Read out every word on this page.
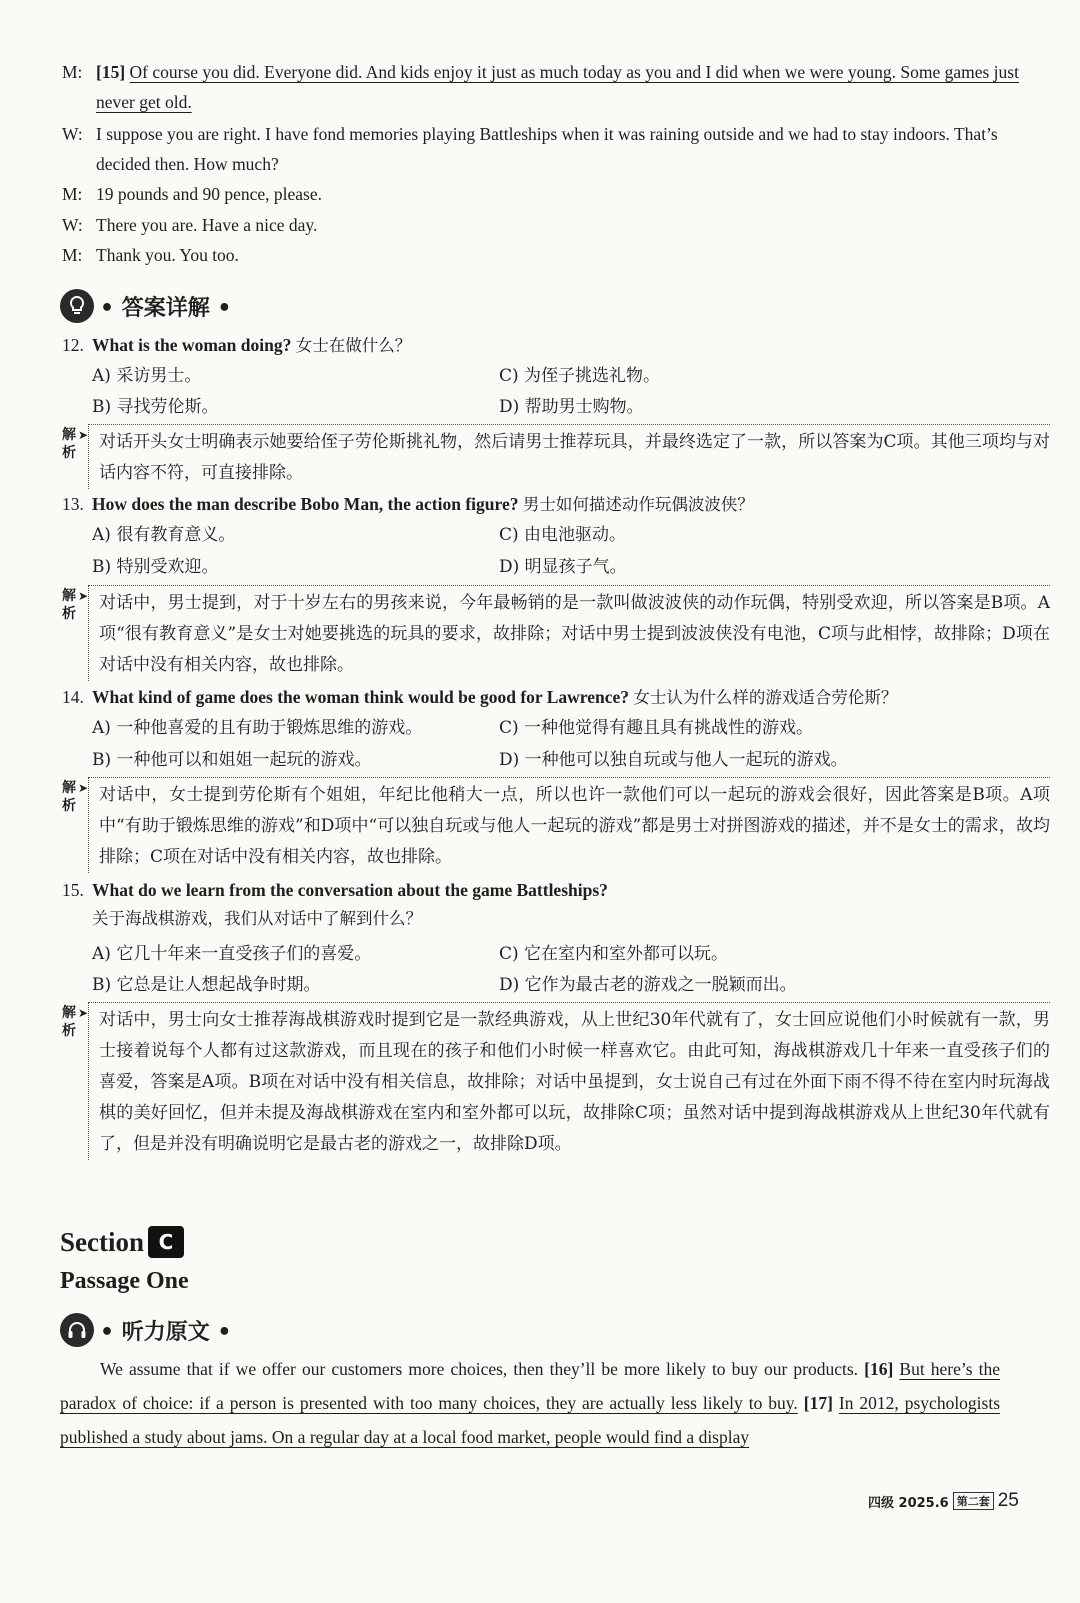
M: [15] Of course you did. Everyone did. And kids enjoy it just as much today as you and I did when we were young. Some games just never get old.
W: I suppose you are right. I have fond memories playing Battleships when it was raining outside and we had to stay indoors. That’s decided then. How much?
M: 19 pounds and 90 pence, please.
W: There you are. Have a nice day.
M: Thank you. You too.
• 答案详解 •
12. What is the woman doing? 女士在做什么？
A) 采访男士。	C) 为侄子挑选礼物。
B) 寻找劳伦斯。	D) 帮助男士购物。
解析
➤ 对话开头女士明确表示她要给侄子劳伦斯挑礼物，然后请男士推荐玩具，并最终选定了一款，所以答案为C项。其他三项均与对话内容不符，可直接排除。
13. How does the man describe Bobo Man, the action figure? 男士如何描述动作玩偶波波侠？
A) 很有教育意义。	C) 由电池驱动。
B) 特别受欢迎。	D) 明显孩子气。
解析
➤ 对话中，男士提到，对于十岁左右的男孩来说，今年最畅销的是一款叫做波波侠的动作玩偶，特别受欢迎，所以答案是B项。A项“很有教育意义”是女士对她要挑选的玩具的要求，故排除；对话中男士提到波波侠没有电池，C项与此相悖，故排除；D项在对话中没有相关内容，故也排除。
14. What kind of game does the woman think would be good for Lawrence? 女士认为什么样的游戏适合劳伦斯？
A) 一种他喜爱的且有助于锻炼思维的游戏。	C) 一种他觉得有趣且具有挑战性的游戏。
B) 一种他可以和姐姐一起玩的游戏。	D) 一种他可以独自玩或与他人一起玩的游戏。
解析
➤ 对话中，女士提到劳伦斯有个姐姐，年纪比他稍大一点，所以也许一款他们可以一起玩的游戏会很好，因此答案是B项。A项中“有助于锻炼思维的游戏”和D项中“可以独自玩或与他人一起玩的游戏”都是男士对拼图游戏的描述，并不是女士的需求，故均排除；C项在对话中没有相关内容，故也排除。
15. What do we learn from the conversation about the game Battleships?
关于海战棋游戏，我们从对话中了解到什么？
A) 它几十年来一直受孩子们的喜爱。	C) 它在室内和室外都可以玩。
B) 它总是让人想起战争时期。	D) 它作为最古老的游戏之一脱颖而出。
解析
➤ 对话中，男士向女士推荐海战棋游戏时提到它是一款经典游戏，从上世纪30年代就有了，女士回应说他们小时候就有一款，男士接着说每个人都有过这款游戏，而且现在的孩子和他们小时候一样喜欢它。由此可知，海战棋游戏几十年来一直受孩子们的喜爱，答案是A项。B项在对话中没有相关信息，故排除；对话中虽提到，女士说自己有过在外面下雨不得不待在室内时玩海战棋的美好回忆，但并未提及海战棋游戏在室内和室外都可以玩，故排除C项；虽然对话中提到海战棋游戏从上世纪30年代就有了，但是并没有明确说明它是最古老的游戏之一，故排除D项。
Section C
Passage One
• 听力原文 •
We assume that if we offer our customers more choices, then they’ll be more likely to buy our products. [16] But here’s the paradox of choice: if a person is presented with too many choices, they are actually less likely to buy. [17] In 2012, psychologists published a study about jams. On a regular day at a local food market, people would find a display
四级 2025.6 第二套 25
